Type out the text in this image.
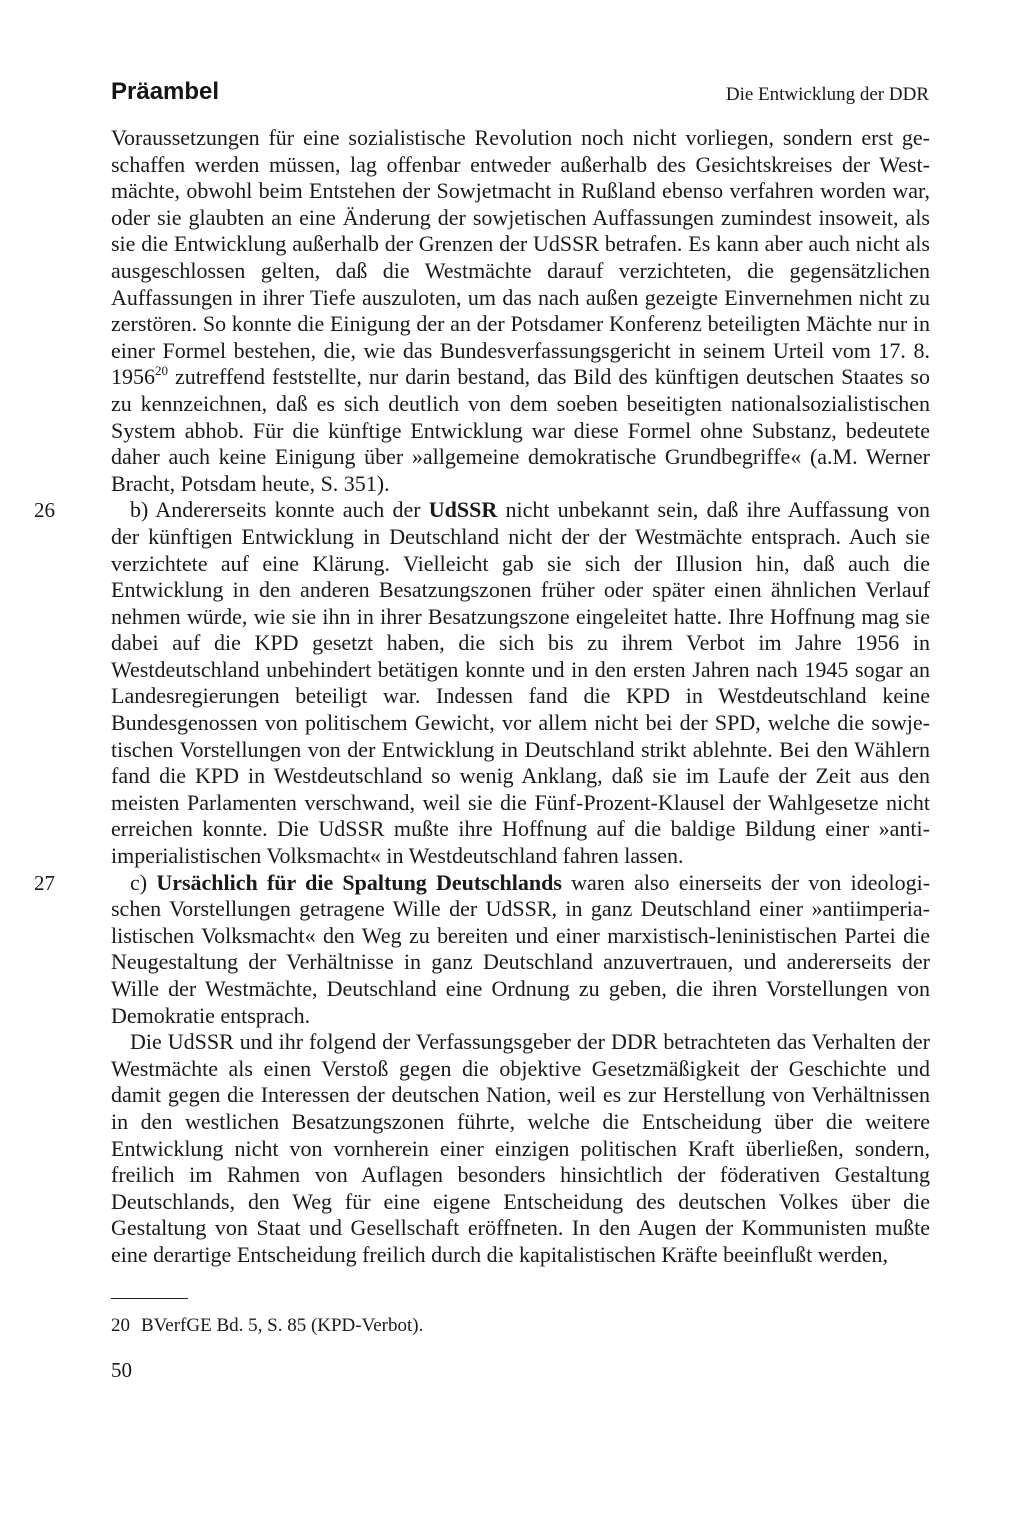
Präambel	Die Entwicklung der DDR

Voraussetzungen für eine sozialistische Revolution noch nicht vorliegen, sondern erst geschaffen werden müssen, lag offenbar entweder außerhalb des Gesichtskreises der Westmächte, obwohl beim Entstehen der Sowjetmacht in Rußland ebenso verfahren worden war, oder sie glaubten an eine Änderung der sowjetischen Auffassungen zumindest insoweit, als sie die Entwicklung außerhalb der Grenzen der UdSSR betrafen. Es kann aber auch nicht als ausgeschlossen gelten, daß die Westmächte darauf verzichteten, die gegensätzlichen Auffassungen in ihrer Tiefe auszuloten, um das nach außen gezeigte Einvernehmen nicht zu zerstören. So konnte die Einigung der an der Potsdamer Konferenz beteiligten Mächte nur in einer Formel bestehen, die, wie das Bundesverfassungsgericht in seinem Urteil vom 17. 8. 1956$^{20}$ zutreffend feststellte, nur darin bestand, das Bild des künftigen deutschen Staates so zu kennzeichnen, daß es sich deutlich von dem soeben beseitigten nationalsozialistischen System abhob. Für die künftige Entwicklung war diese Formel ohne Substanz, bedeutete daher auch keine Einigung über »allgemeine demokratische Grundbegriffe« (a.M. Werner Bracht, Potsdam heute, S. 351).

26	b) Andererseits konnte auch der UdSSR nicht unbekannt sein, daß ihre Auffassung von der künftigen Entwicklung in Deutschland nicht der der Westmächte entsprach. Auch sie verzichtete auf eine Klärung. Vielleicht gab sie sich der Illusion hin, daß auch die Entwicklung in den anderen Besatzungszonen früher oder später einen ähnlichen Verlauf nehmen würde, wie sie ihn in ihrer Besatzungszone eingeleitet hatte. Ihre Hoffnung mag sie dabei auf die KPD gesetzt haben, die sich bis zu ihrem Verbot im Jahre 1956 in Westdeutschland unbehindert betätigen konnte und in den ersten Jahren nach 1945 sogar an Landesregierungen beteiligt war. Indessen fand die KPD in Westdeutschland keine Bundesgenossen von politischem Gewicht, vor allem nicht bei der SPD, welche die sowjetischen Vorstellungen von der Entwicklung in Deutschland strikt ablehnte. Bei den Wählern fand die KPD in Westdeutschland so wenig Anklang, daß sie im Laufe der Zeit aus den meisten Parlamenten verschwand, weil sie die Fünf-Prozent-Klausel der Wahlgesetze nicht erreichen konnte. Die UdSSR mußte ihre Hoffnung auf die baldige Bildung einer »anti-imperialistischen Volksmacht« in Westdeutschland fahren lassen.

27	c) Ursächlich für die Spaltung Deutschlands waren also einerseits der von ideologischen Vorstellungen getragene Wille der UdSSR, in ganz Deutschland einer »antiimperialistischen Volksmacht« den Weg zu bereiten und einer marxistisch-leninistischen Partei die Neugestaltung der Verhältnisse in ganz Deutschland anzuvertrauen, und andererseits der Wille der Westmächte, Deutschland eine Ordnung zu geben, die ihren Vorstellungen von Demokratie entsprach.

Die UdSSR und ihr folgend der Verfassungsgeber der DDR betrachteten das Verhalten der Westmächte als einen Verstoß gegen die objektive Gesetzmäßigkeit der Geschichte und damit gegen die Interessen der deutschen Nation, weil es zur Herstellung von Verhältnissen in den westlichen Besatzungszonen führte, welche die Entscheidung über die weitere Entwicklung nicht von vornherein einer einzigen politischen Kraft überließen, sondern, freilich im Rahmen von Auflagen besonders hinsichtlich der föderativen Gestaltung Deutschlands, den Weg für eine eigene Entscheidung des deutschen Volkes über die Gestaltung von Staat und Gesellschaft eröffneten. In den Augen der Kommunisten mußte eine derartige Entscheidung freilich durch die kapitalistischen Kräfte beeinflußt werden,

20 BVerfGE Bd. 5, S. 85 (KPD-Verbot).
50
